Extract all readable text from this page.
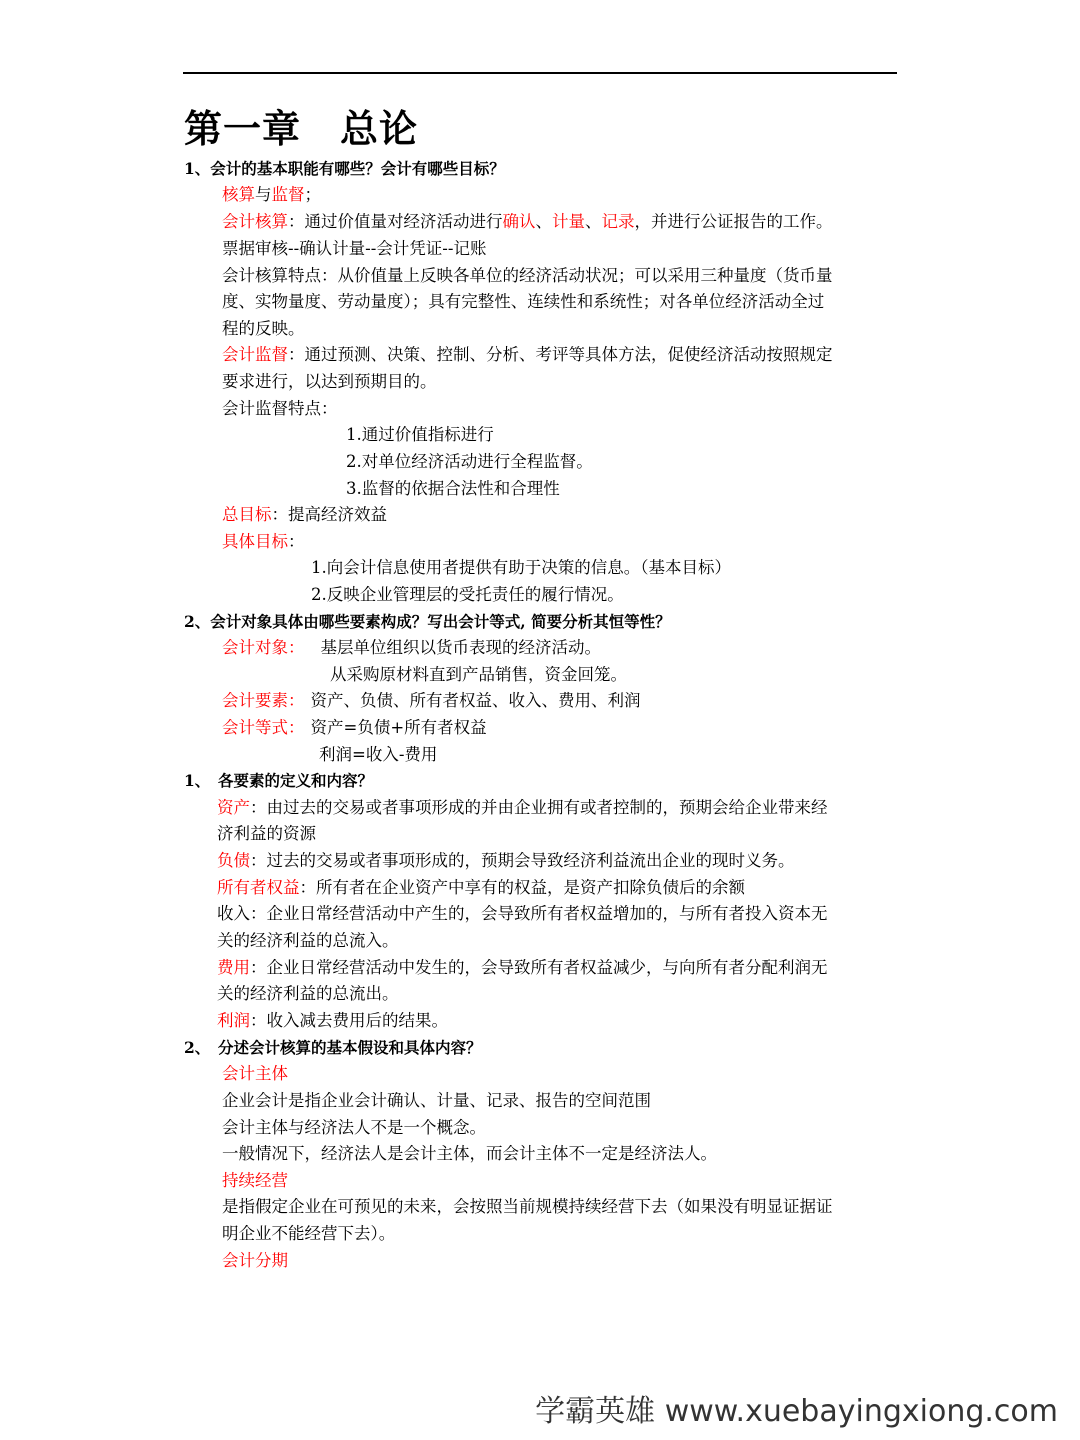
第一章　总论
1、会计的基本职能有哪些？会计有哪些目标？
核算与监督；
会计核算：通过价值量对经济活动进行确认、计量、记录，并进行公证报告的工作。
票据审核--确认计量--会计凭证--记账
会计核算特点：从价值量上反映各单位的经济活动状况；可以采用三种量度（货币量
度、实物量度、劳动量度）；具有完整性、连续性和系统性；对各单位经济活动全过
程的反映。
会计监督：通过预测、决策、控制、分析、考评等具体方法，促使经济活动按照规定
要求进行，以达到预期目的。
会计监督特点：
1.通过价值指标进行
2.对单位经济活动进行全程监督。
3.监督的依据合法性和合理性
总目标：提高经济效益
具体目标：
1.向会计信息使用者提供有助于决策的信息。（基本目标）
2.反映企业管理层的受托责任的履行情况。
2、会计对象具体由哪些要素构成？写出会计等式, 简要分析其恒等性？
会计对象： 基层单位组织以货币表现的经济活动。
从采购原材料直到产品销售，资金回笼。
会计要素： 资产、负债、所有者权益、收入、费用、利润
会计等式： 资产=负债+所有者权益
利润=收入-费用
1、　各要素的定义和内容？
资产：由过去的交易或者事项形成的并由企业拥有或者控制的，预期会给企业带来经
济利益的资源
负债：过去的交易或者事项形成的，预期会导致经济利益流出企业的现时义务。
所有者权益：所有者在企业资产中享有的权益，是资产扣除负债后的余额
收入：企业日常经营活动中产生的，会导致所有者权益增加的，与所有者投入资本无
关的经济利益的总流入。
费用：企业日常经营活动中发生的，会导致所有者权益减少，与向所有者分配利润无
关的经济利益的总流出。
利润：收入减去费用后的结果。
2、　分述会计核算的基本假设和具体内容？
会计主体
企业会计是指企业会计确认、计量、记录、报告的空间范围
会计主体与经济法人不是一个概念。
一般情况下，经济法人是会计主体，而会计主体不一定是经济法人。
持续经营
是指假定企业在可预见的未来，会按照当前规模持续经营下去（如果没有明显证据证
明企业不能经营下去）。
会计分期
学霸英雄 www.xuebayingxiong.com
